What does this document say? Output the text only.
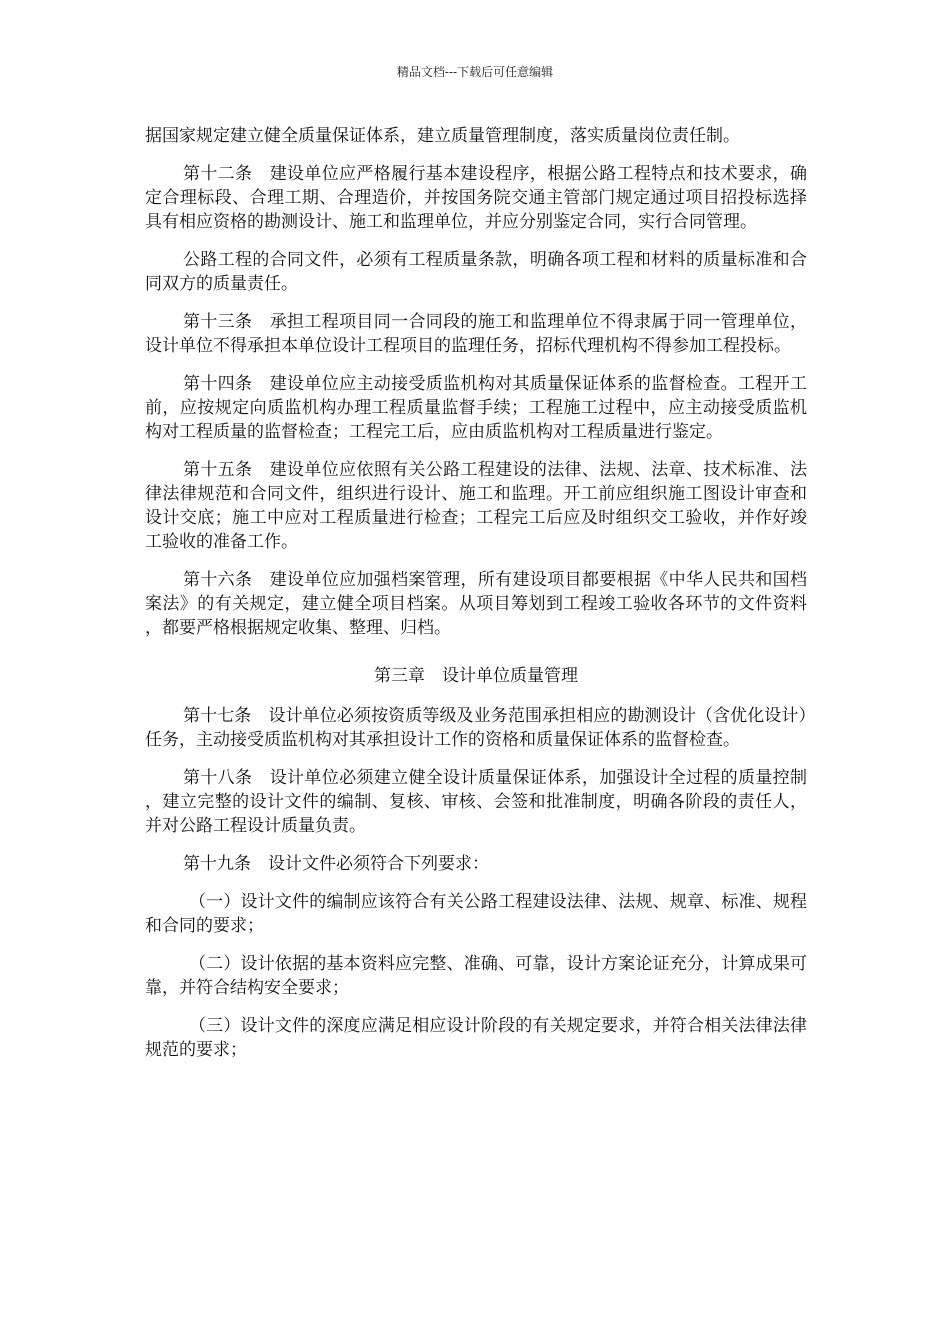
精品文档---下载后可任意编辑

据国家规定建立健全质量保证体系，建立质量管理制度，落实质量岗位责任制。

第十二条　建设单位应严格履行基本建设程序，根据公路工程特点和技术要求，确定合理标段、合理工期、合理造价，并按国务院交通主管部门规定通过项目招投标选择具有相应资格的勘测设计、施工和监理单位，并应分别鉴定合同，实行合同管理。

公路工程的合同文件，必须有工程质量条款，明确各项工程和材料的质量标准和合同双方的质量责任。

第十三条　承担工程项目同一合同段的施工和监理单位不得隶属于同一管理单位，设计单位不得承担本单位设计工程项目的监理任务，招标代理机构不得参加工程投标。

第十四条　建设单位应主动接受质监机构对其质量保证体系的监督检查。工程开工前，应按规定向质监机构办理工程质量监督手续；工程施工过程中，应主动接受质监机构对工程质量的监督检查；工程完工后，应由质监机构对工程质量进行鉴定。

第十五条　建设单位应依照有关公路工程建设的法律、法规、法章、技术标准、法律法律规范和合同文件，组织进行设计、施工和监理。开工前应组织施工图设计审查和设计交底；施工中应对工程质量进行检查；工程完工后应及时组织交工验收，并作好竣工验收的准备工作。

第十六条　建设单位应加强档案管理，所有建设项目都要根据《中华人民共和国档案法》的有关规定，建立健全项目档案。从项目筹划到工程竣工验收各环节的文件资料，都要严格根据规定收集、整理、归档。

第三章　设计单位质量管理

第十七条　设计单位必须按资质等级及业务范围承担相应的勘测设计（含优化设计）任务，主动接受质监机构对其承担设计工作的资格和质量保证体系的监督检查。

第十八条　设计单位必须建立健全设计质量保证体系，加强设计全过程的质量控制，建立完整的设计文件的编制、复核、审核、会签和批准制度，明确各阶段的责任人，并对公路工程设计质量负责。

第十九条　设计文件必须符合下列要求：

（一）设计文件的编制应该符合有关公路工程建设法律、法规、规章、标准、规程和合同的要求；

（二）设计依据的基本资料应完整、准确、可靠，设计方案论证充分，计算成果可靠，并符合结构安全要求；

（三）设计文件的深度应满足相应设计阶段的有关规定要求，并符合相关法律法律规范的要求；
